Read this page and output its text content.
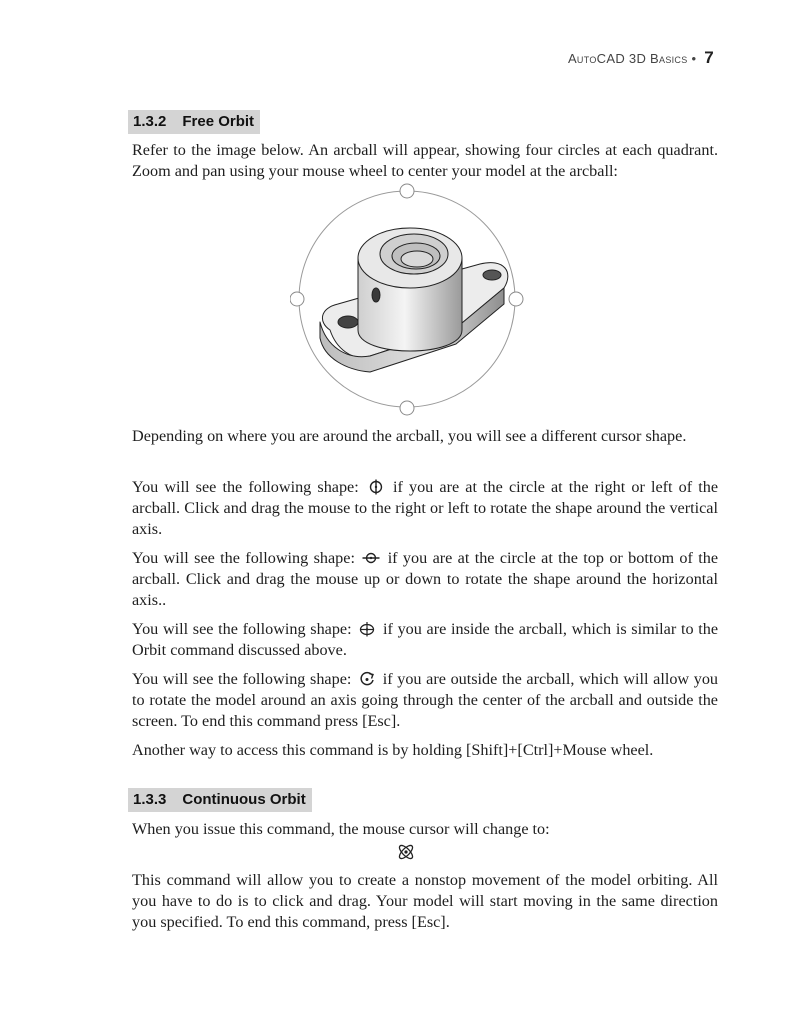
AutoCAD 3D Basics • 7
1.3.2 Free Orbit

Refer to the image below. An arcball will appear, showing four circles at each quadrant. Zoom and pan using your mouse wheel to center your model at the arcball:

Depending on where you are around the arcball, you will see a different cursor shape.

You will see the following shape: if you are at the circle at the right or left of the arcball. Click and drag the mouse to the right or left to rotate the shape around the vertical axis.

You will see the following shape: if you are at the circle at the top or bottom of the arcball. Click and drag the mouse up or down to rotate the shape around the horizontal axis..

You will see the following shape: if you are inside the arcball, which is similar to the Orbit command discussed above.

You will see the following shape: if you are outside the arcball, which will allow you to rotate the model around an axis going through the center of the arcball and outside the screen. To end this command press [Esc].

Another way to access this command is by holding [Shift]+[Ctrl]+Mouse wheel.

1.3.3 Continuous Orbit

When you issue this command, the mouse cursor will change to:

This command will allow you to create a nonstop movement of the model orbiting. All you have to do is to click and drag. Your model will start moving in the same direction you specified. To end this command, press [Esc].
